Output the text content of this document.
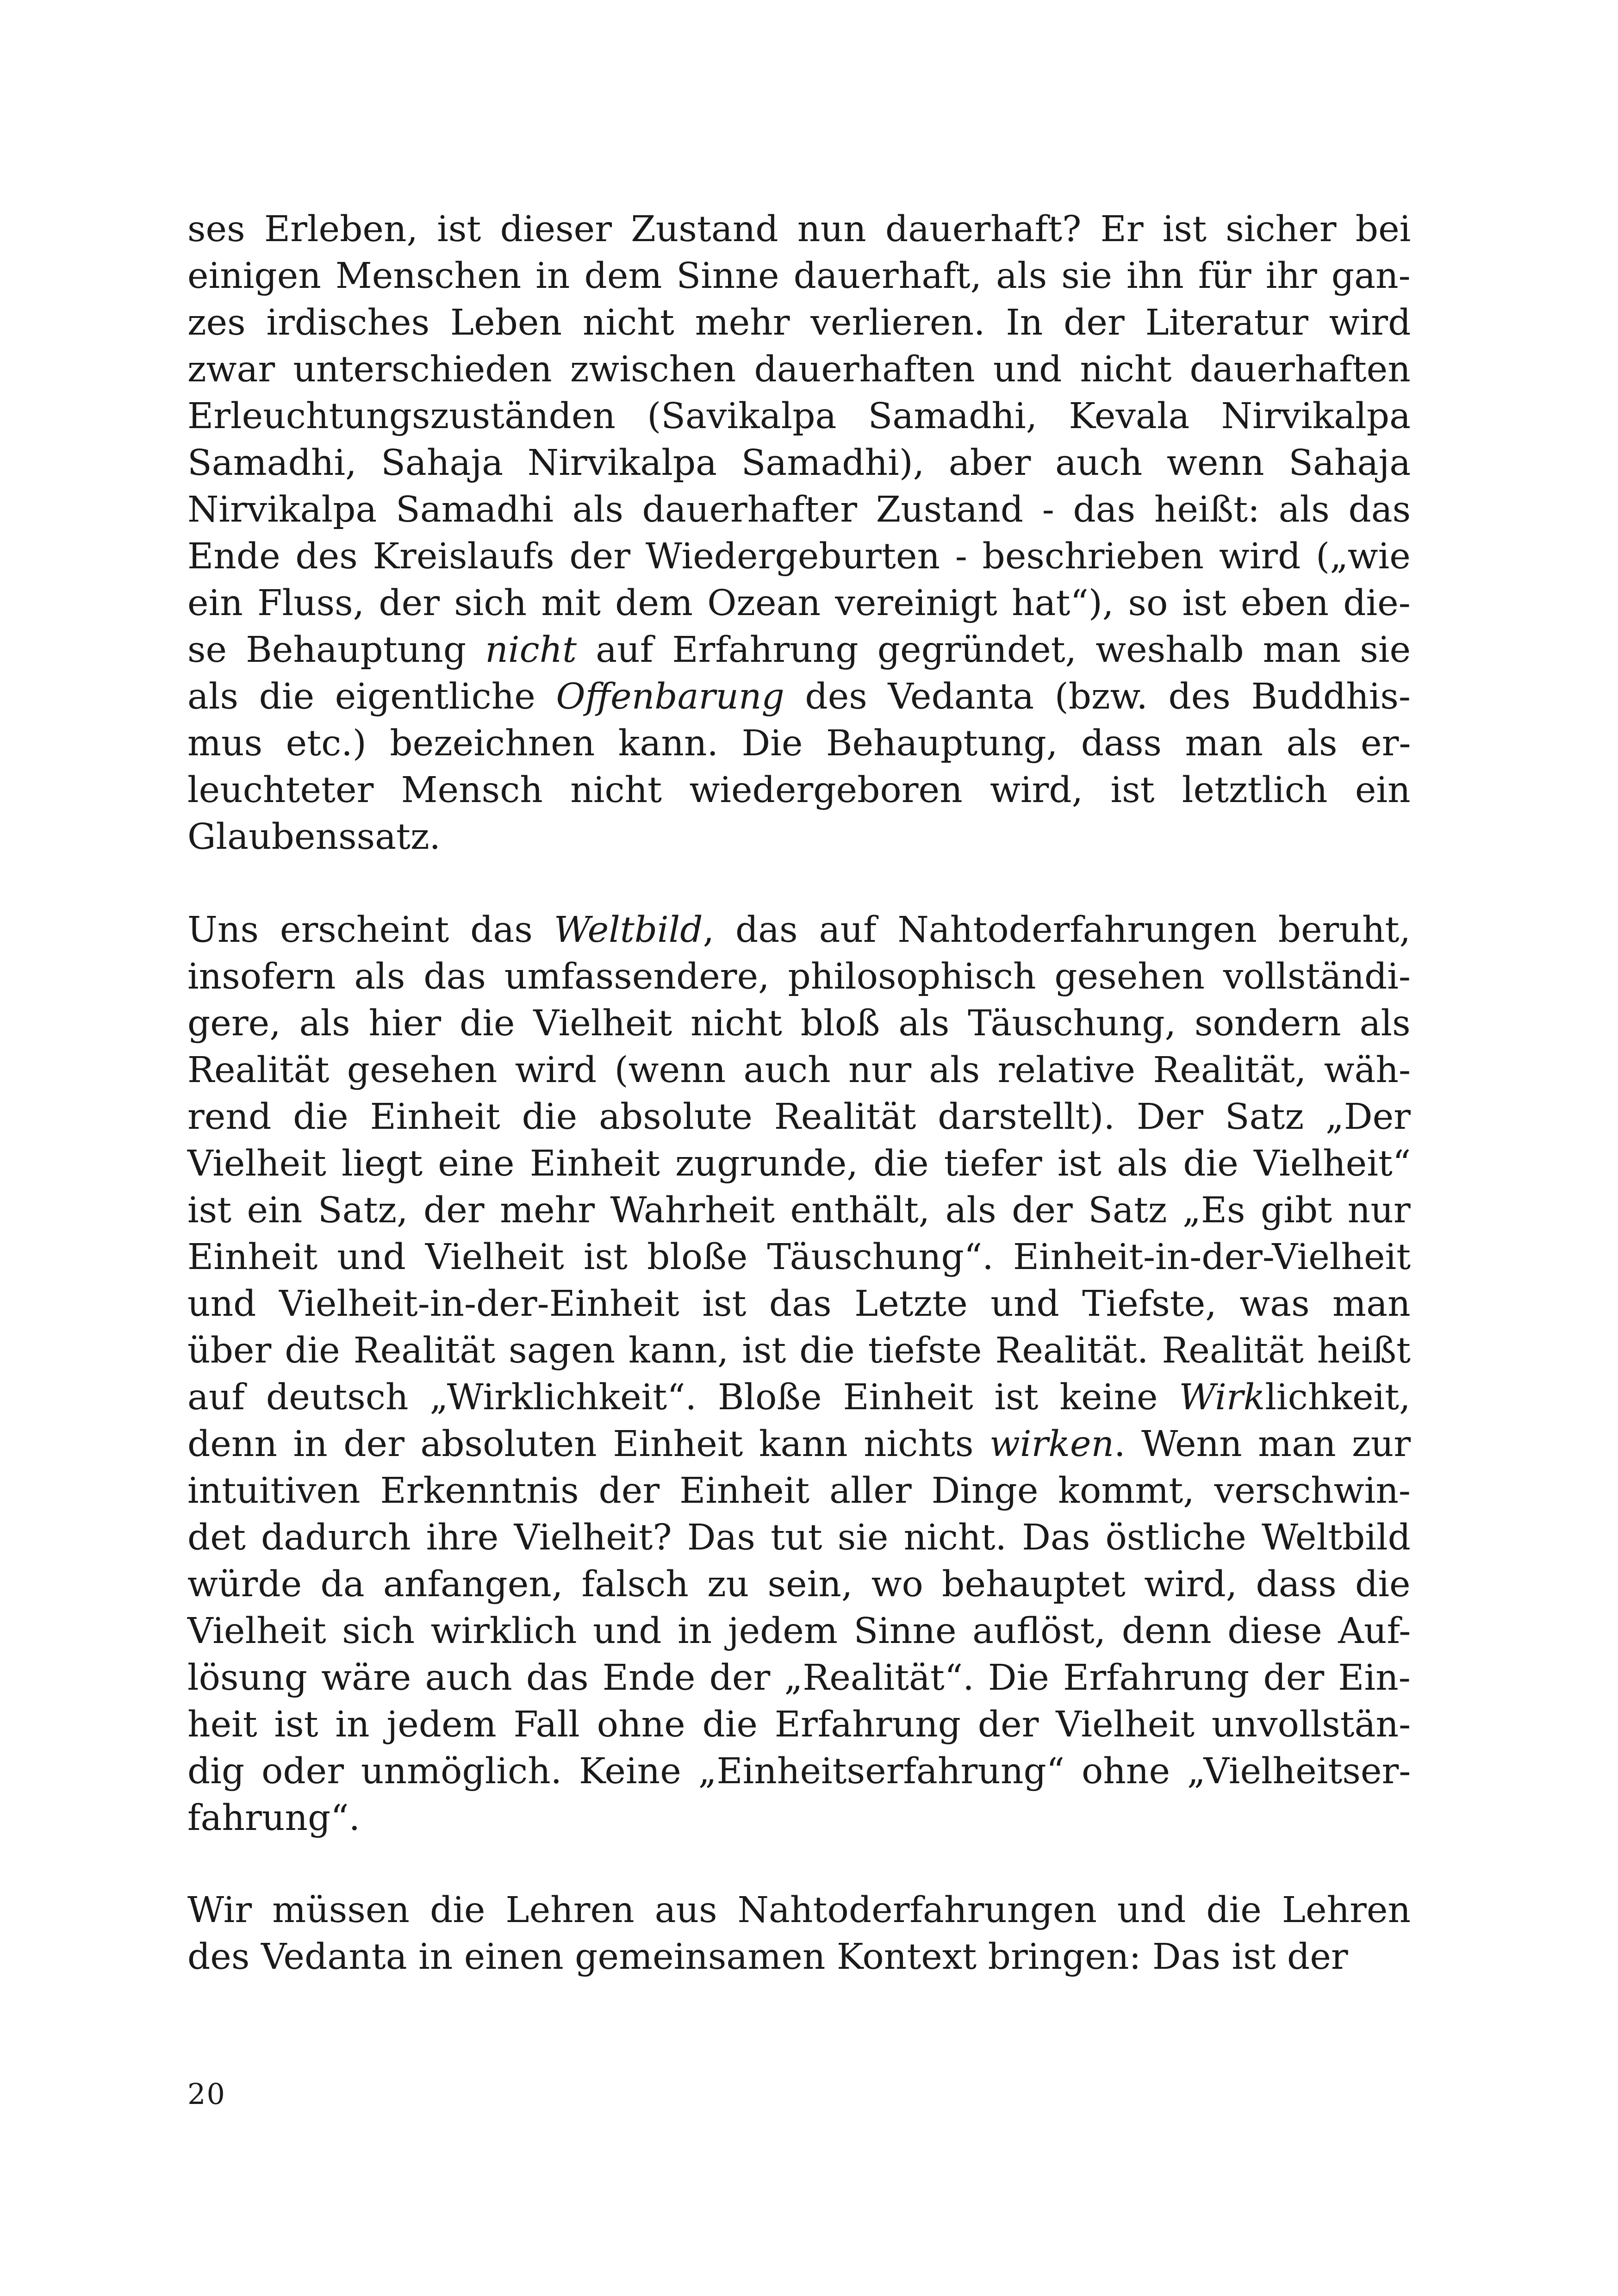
ses Erleben, ist dieser Zustand nun dauerhaft? Er ist sicher bei
einigen Menschen in dem Sinne dauerhaft, als sie ihn für ihr gan-
zes irdisches Leben nicht mehr verlieren. In der Literatur wird
zwar unterschieden zwischen dauerhaften und nicht dauerhaften
Erleuchtungszuständen (Savikalpa Samadhi, Kevala Nirvikalpa
Samadhi, Sahaja Nirvikalpa Samadhi), aber auch wenn Sahaja
Nirvikalpa Samadhi als dauerhafter Zustand - das heißt: als das
Ende des Kreislaufs der Wiedergeburten - beschrieben wird („wie
ein Fluss, der sich mit dem Ozean vereinigt hat“), so ist eben die-
se Behauptung nicht auf Erfahrung gegründet, weshalb man sie
als die eigentliche Offenbarung des Vedanta (bzw. des Buddhis-
mus etc.) bezeichnen kann. Die Behauptung, dass man als er-
leuchteter Mensch nicht wiedergeboren wird, ist letztlich ein
Glaubenssatz.
Uns erscheint das Weltbild, das auf Nahtoderfahrungen beruht,
insofern als das umfassendere, philosophisch gesehen vollständi-
gere, als hier die Vielheit nicht bloß als Täuschung, sondern als
Realität gesehen wird (wenn auch nur als relative Realität, wäh-
rend die Einheit die absolute Realität darstellt). Der Satz „Der
Vielheit liegt eine Einheit zugrunde, die tiefer ist als die Vielheit“
ist ein Satz, der mehr Wahrheit enthält, als der Satz „Es gibt nur
Einheit und Vielheit ist bloße Täuschung“. Einheit-in-der-Vielheit
und Vielheit-in-der-Einheit ist das Letzte und Tiefste, was man
über die Realität sagen kann, ist die tiefste Realität. Realität heißt
auf deutsch „Wirklichkeit“. Bloße Einheit ist keine Wirklichkeit,
denn in der absoluten Einheit kann nichts wirken. Wenn man zur
intuitiven Erkenntnis der Einheit aller Dinge kommt, verschwin-
det dadurch ihre Vielheit? Das tut sie nicht. Das östliche Weltbild
würde da anfangen, falsch zu sein, wo behauptet wird, dass die
Vielheit sich wirklich und in jedem Sinne auflöst, denn diese Auf-
lösung wäre auch das Ende der „Realität“. Die Erfahrung der Ein-
heit ist in jedem Fall ohne die Erfahrung der Vielheit unvollstän-
dig oder unmöglich. Keine „Einheitserfahrung“ ohne „Vielheitser-
fahrung“.
Wir müssen die Lehren aus Nahtoderfahrungen und die Lehren
des Vedanta in einen gemeinsamen Kontext bringen: Das ist der
20
